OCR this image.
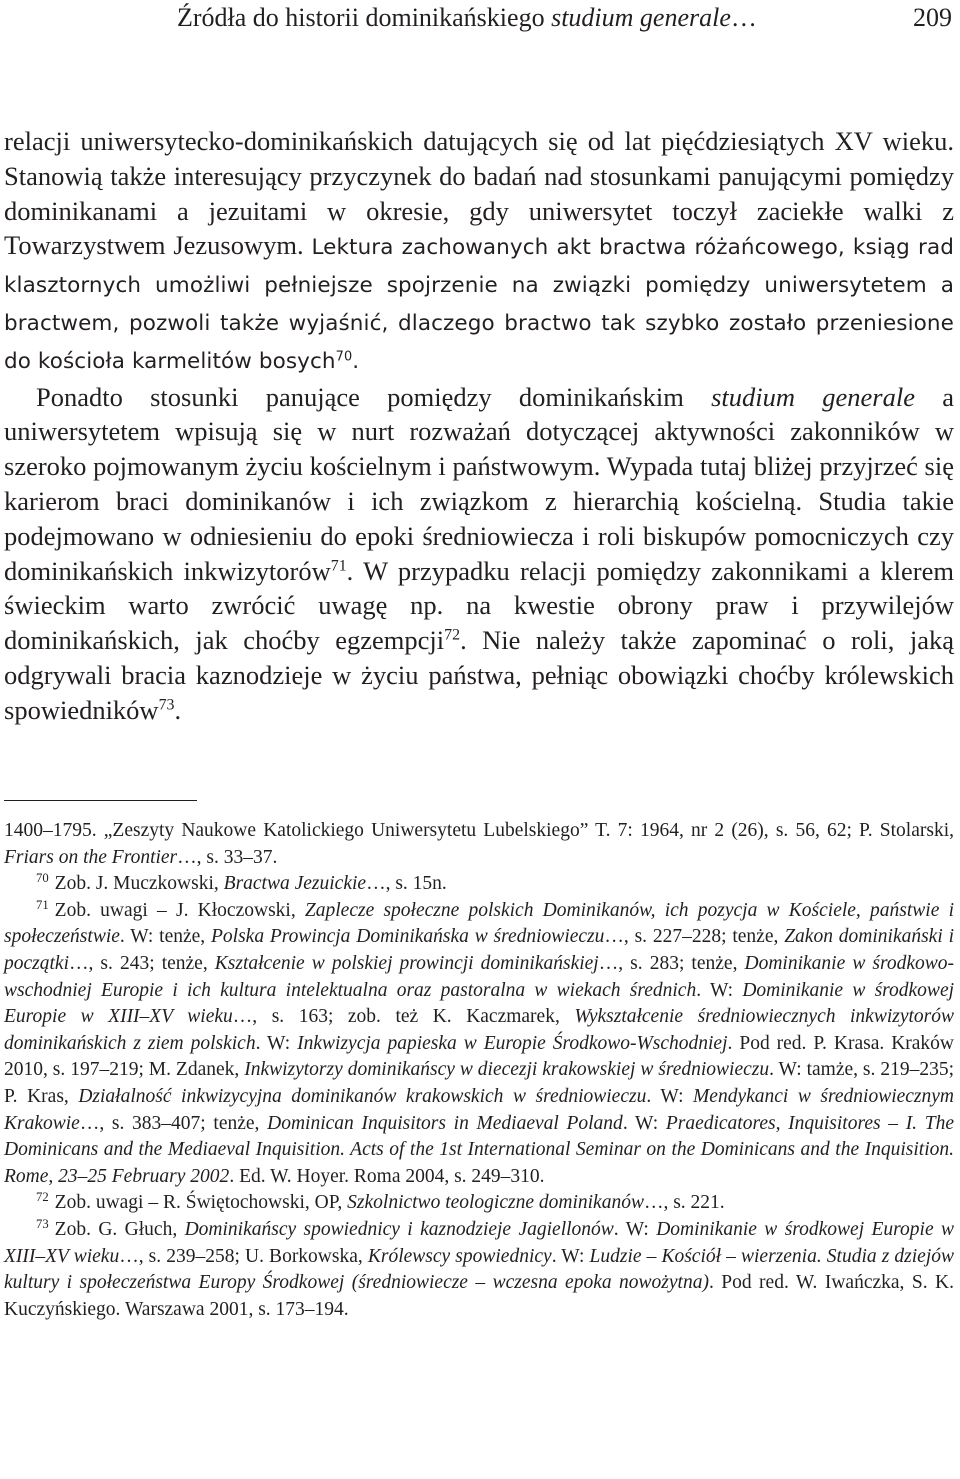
Źródła do historii dominikańskiego studium generale…	209

relacji uniwersytecko-dominikańskich datujących się od lat pięćdziesiątych XV wieku. Stanowią także interesujący przyczynek do badań nad stosunkami panującymi pomiędzy dominikanami a jezuitami w okresie, gdy uniwersytet toczył zaciekłe walki z Towarzystwem Jezusowym. Lektura zachowanych akt bractwa różańcowego, ksiąg rad klasztornych umożliwi pełniejsze spojrzenie na związki pomiędzy uniwersytetem a bractwem, pozwoli także wyjaśnić, dlaczego bractwo tak szybko zostało przeniesione do kościoła karmelitów bosych$^{70}$.

Ponadto stosunki panujące pomiędzy dominikańskim studium generale a uniwersytetem wpisują się w nurt rozważań dotyczącej aktywności zakonników w szeroko pojmowanym życiu kościelnym i państwowym. Wypada tutaj bliżej przyjrzeć się karierom braci dominikanów i ich związkom z hierarchią kościelną. Studia takie podejmowano w odniesieniu do epoki średniowiecza i roli biskupów pomocniczych czy dominikańskich inkwizytorów$^{71}$. W przypadku relacji pomiędzy zakonnikami a klerem świeckim warto zwrócić uwagę np. na kwestie obrony praw i przywilejów dominikańskich, jak choćby egzempcji$^{72}$. Nie należy także zapominać o roli, jaką odgrywali bracia kaznodzieje w życiu państwa, pełniąc obowiązki choćby królewskich spowiedników$^{73}$.

1400–1795. „Zeszyty Naukowe Katolickiego Uniwersytetu Lubelskiego” T. 7: 1964, nr 2 (26), s. 56, 62; P. Stolarski, Friars on the Frontier…, s. 33–37.

$^{70}$ Zob. J. Muczkowski, Bractwa Jezuickie…, s. 15n.

$^{71}$ Zob. uwagi – J. Kłoczowski, Zaplecze społeczne polskich Dominikanów, ich pozycja w Kościele, państwie i społeczeństwie. W: tenże, Polska Prowincja Dominikańska w średniowieczu…, s. 227–228; tenże, Zakon dominikański i początki…, s. 243; tenże, Kształcenie w polskiej prowincji dominikańskiej…, s. 283; tenże, Dominikanie w środkowo-wschodniej Europie i ich kultura intelektualna oraz pastoralna w wiekach średnich. W: Dominikanie w środkowej Europie w XIII–XV wieku…, s. 163; zob. też K. Kaczmarek, Wykształcenie średniowiecznych inkwizytorów dominikańskich z ziem polskich. W: Inkwizycja papieska w Europie Środkowo-Wschodniej. Pod red. P. Krasa. Kraków 2010, s. 197–219; M. Zdanek, Inkwizytorzy dominikańscy w diecezji krakowskiej w średniowieczu. W: tamże, s. 219–235; P. Kras, Działalność inkwizycyjna dominikanów krakowskich w średniowieczu. W: Mendykanci w średniowiecznym Krakowie…, s. 383–407; tenże, Dominican Inquisitors in Mediaeval Poland. W: Praedicatores, Inquisitores – I. The Dominicans and the Mediaeval Inquisition. Acts of the 1st International Seminar on the Dominicans and the Inquisition. Rome, 23–25 February 2002. Ed. W. Hoyer. Roma 2004, s. 249–310.

$^{72}$ Zob. uwagi – R. Świętochowski, OP, Szkolnictwo teologiczne dominikanów…, s. 221.

$^{73}$ Zob. G. Głuch, Dominikańscy spowiednicy i kaznodzieje Jagiellonów. W: Dominikanie w środkowej Europie w XIII–XV wieku…, s. 239–258; U. Borkowska, Królewscy spowiednicy. W: Ludzie – Kościół – wierzenia. Studia z dziejów kultury i społeczeństwa Europy Środkowej (średniowiecze – wczesna epoka nowożytna). Pod red. W. Iwańczka, S. K. Kuczyńskiego. Warszawa 2001, s. 173–194.
